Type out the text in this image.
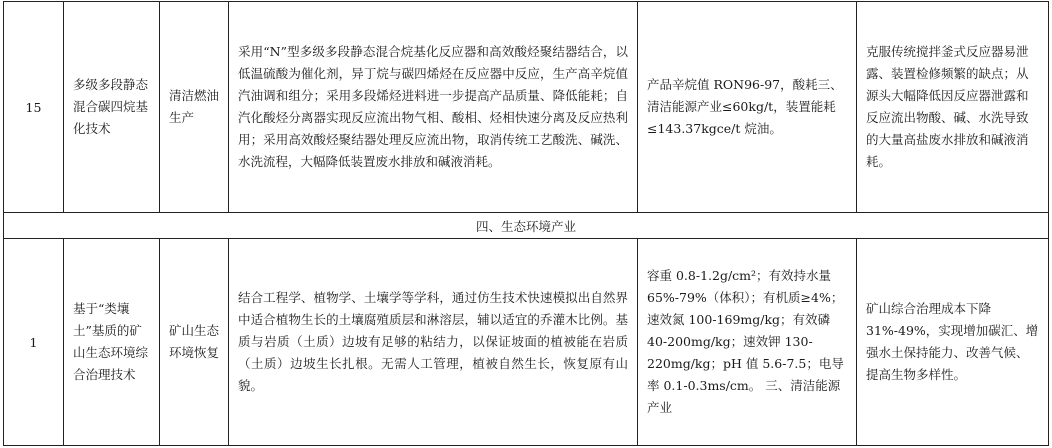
15	多级多段静态混合碳四烷基化技术	清洁燃油生产	采用“N”型多级多段静态混合烷基化反应器和高效酸烃聚结器结合，以低温硫酸为催化剂，异丁烷与碳四烯烃在反应器中反应，生产高辛烷值汽油调和组分；采用多段烯烃进料进一步提高产品质量、降低能耗；自汽化酸烃分离器实现反应流出物气相、酸相、烃相快速分离及反应热利用；采用高效酸烃聚结器处理反应流出物，取消传统工艺酸洗、碱洗、水洗流程，大幅降低装置废水排放和碱液消耗。	产品辛烷值 RON96-97，酸耗三、清洁能源产业≤60kg/t，装置能耗≤143.37kgce/t 烷油。	克服传统搅拌釜式反应器易泄露、装置检修频繁的缺点；从源头大幅降低因反应器泄露和反应流出物酸、碱、水洗导致的大量高盐废水排放和碱液消耗。
四、生态环境产业					
1	基于“类壤土”基质的矿山生态环境综合治理技术	矿山生态环境恢复	结合工程学、植物学、土壤学等学科，通过仿生技术快速模拟出自然界中适合植物生长的土壤腐殖质层和淋溶层，辅以适宜的乔灌木比例。基质与岩质（土质）边坡有足够的粘结力，以保证坡面的植被能在岩质（土质）边坡生长扎根。无需人工管理，植被自然生长，恢复原有山貌。	容重 0.8-1.2g/cm²；有效持水量 65%-79%（体积）；有机质≥4%；速效氮 100-169mg/kg；有效磷 40-200mg/kg；速效钾 130-220mg/kg；pH 值 5.6-7.5；电导率 0.1-0.3ms/cm。 三、清洁能源产业	矿山综合治理成本下降 31%-49%，实现增加碳汇、增强水土保持能力、改善气候、提高生物多样性。
